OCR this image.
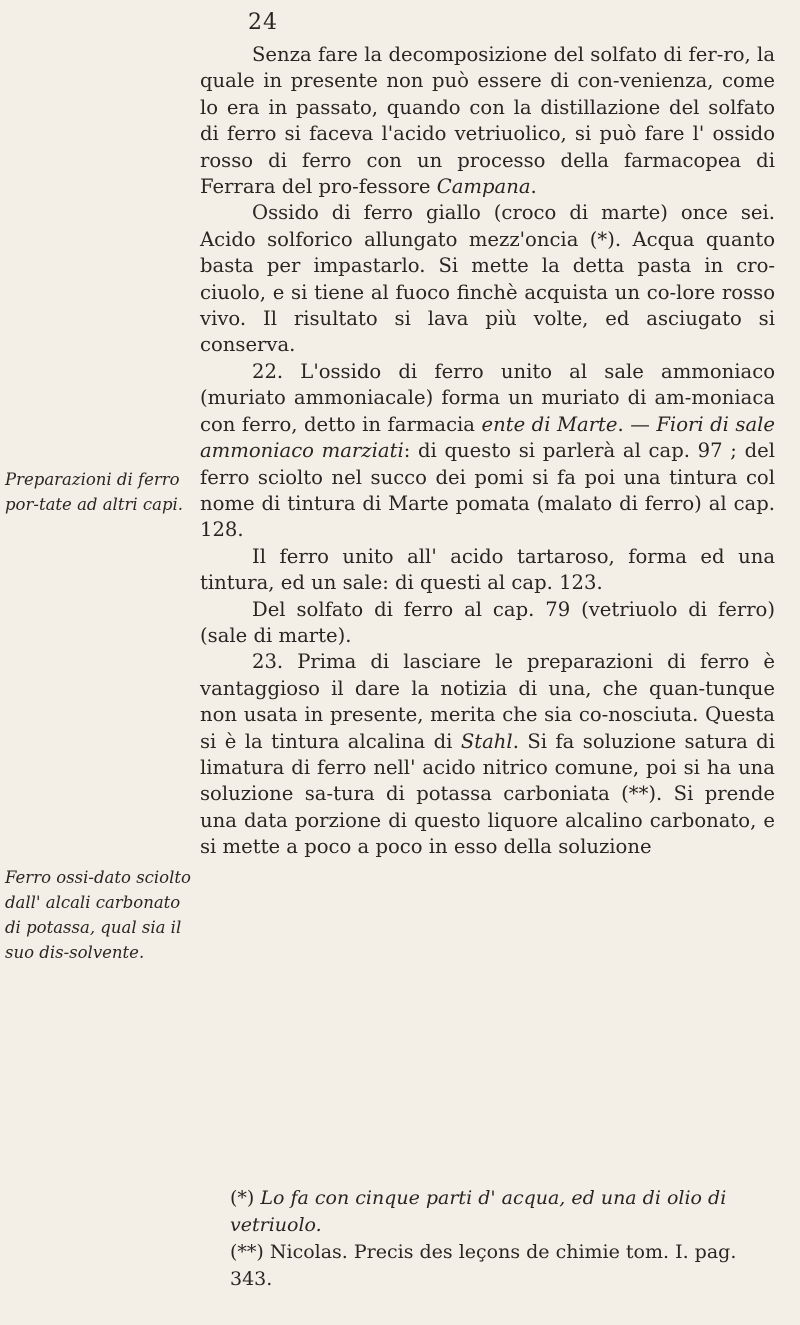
24

Senza fare la decomposizione del solfato di fer-ro, la quale in presente non può essere di con-venienza, come lo era in passato, quando con la distillazione del solfato di ferro si faceva l'acido vetriuolico, si può fare l' ossido rosso di ferro con un processo della farmacopea di Ferrara del pro-fessore Campana.

Ossido di ferro giallo (croco di marte) once sei. Acido solforico allungato mezz'oncia (*). Acqua quanto basta per impastarlo. Si mette la detta pasta in cro-ciuolo, e si tiene al fuoco finchè acquista un co-lore rosso vivo. Il risultato si lava più volte, ed asciugato si conserva.

22. L'ossido di ferro unito al sale ammoniaco (muriato ammoniacale) forma un muriato di am-moniaca con ferro, detto in farmacia ente di Marte. — Fiori di sale ammoniaco marziati: di questo si parlerà al cap. 97 ; del ferro sciolto nel succo dei pomi si fa poi una tintura col nome di tintura di Marte pomata (malato di ferro) al cap. 128.

Il ferro unito all' acido tartaroso, forma ed una tintura, ed un sale: di questi al cap. 123.

Del solfato di ferro al cap. 79 (vetriuolo di ferro) (sale di marte).

23. Prima di lasciare le preparazioni di ferro è vantaggioso il dare la notizia di una, che quan-tunque non usata in presente, merita che sia co-nosciuta. Questa si è la tintura alcalina di Stahl. Si fa soluzione satura di limatura di ferro nell' acido nitrico comune, poi si ha una soluzione sa-tura di potassa carboniata (**). Si prende una data porzione di questo liquore alcalino carbonato, e si mette a poco a poco in esso della soluzione

Preparazioni di ferro por-tate ad altri capi.
Ferro ossi-dato sciolto dall' alcali carbonato di potassa, qual sia il suo dis-solvente.

(*) Lo fa con cinque parti d' acqua, ed una di olio di vetriuolo.

(**) Nicolas. Precis des leçons de chimie tom. I. pag. 343.
